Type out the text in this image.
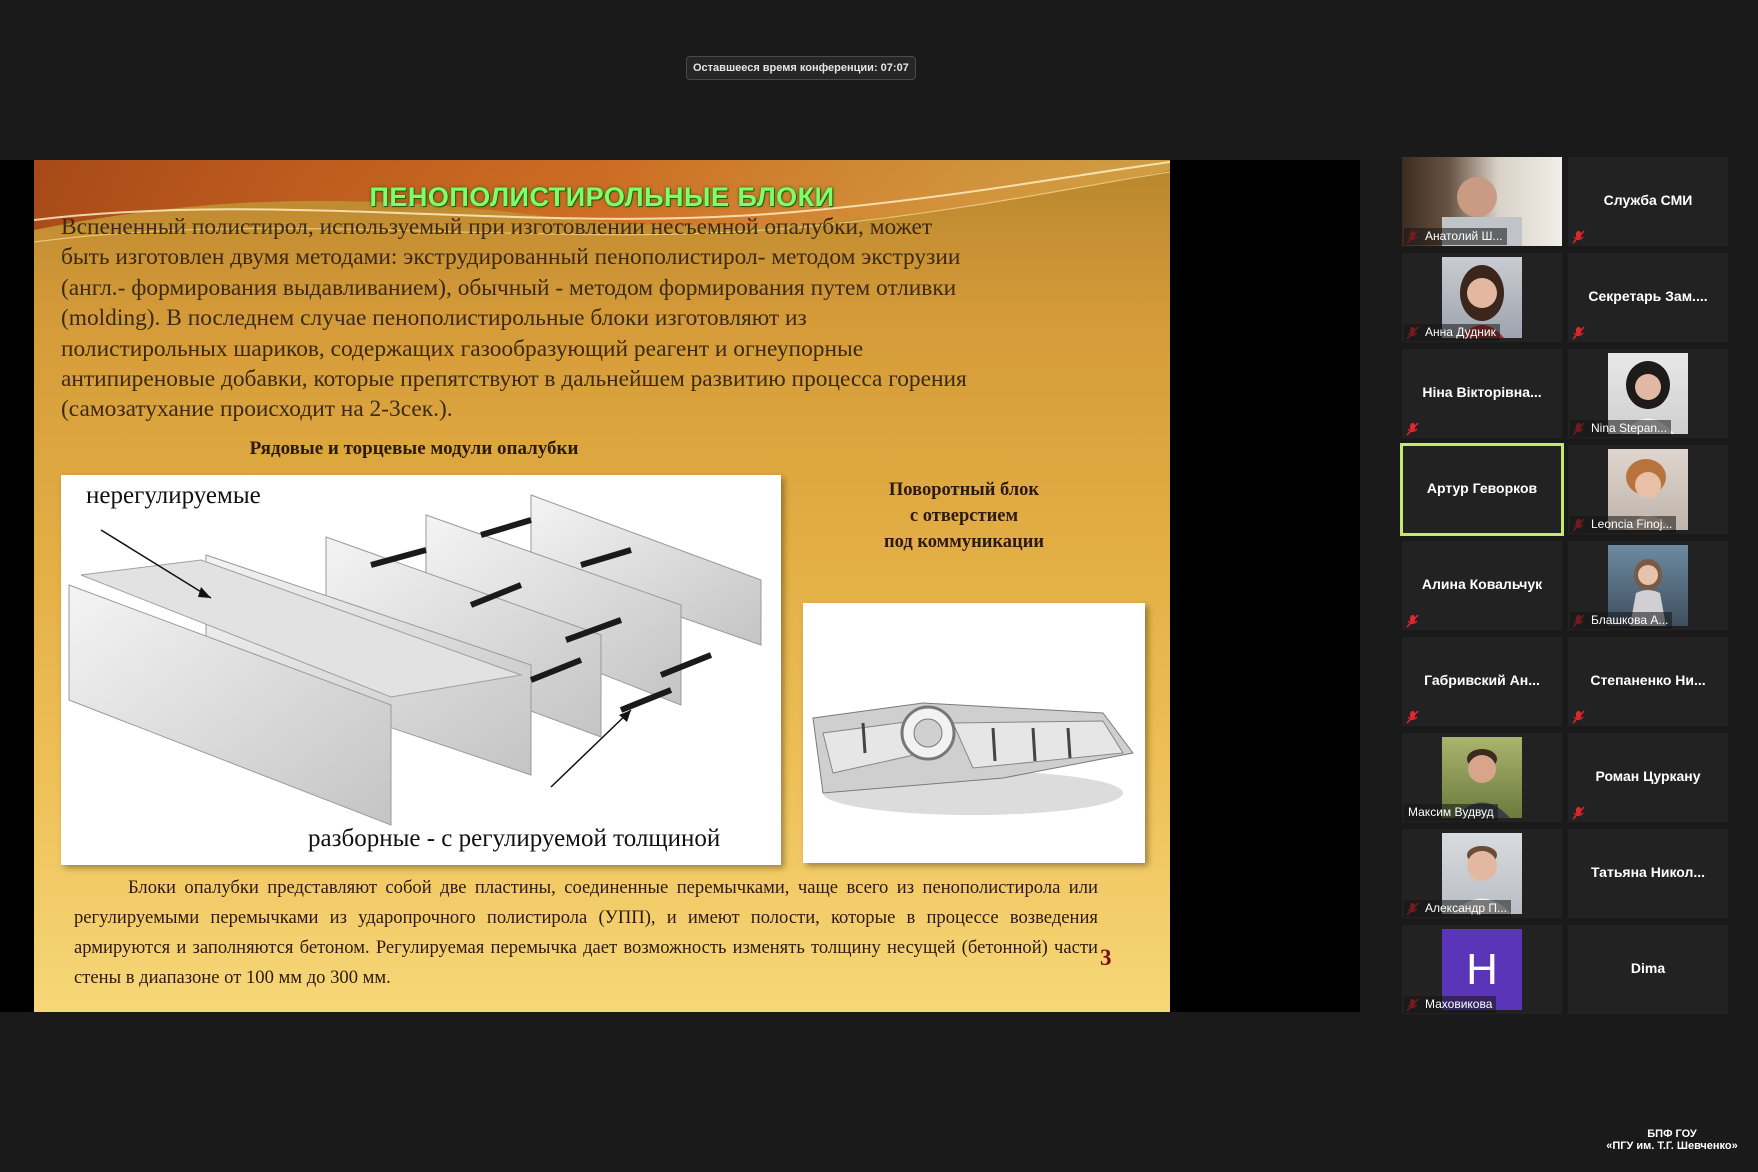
Оставшееся время конференции: 07:07
ПЕНОПОЛИСТИРОЛЬНЫЕ БЛОКИ
Вспененный полистирол, используемый при изготовлении несъемной опалубки, может
быть изготовлен двумя методами: экструдированный пенополистирол- методом экструзии
(англ.- формирования выдавливанием), обычный - методом формирования путем отливки
(molding). В последнем случае пенополистирольные блоки изготовляют из
полистирольных шариков, содержащих газообразующий реагент и огнеупорные
антипиреновые добавки, которые препятствуют в дальнейшем развитию процесса горения
(самозатухание происходит на 2-3сек.).
Рядовые и торцевые модули опалубки
Поворотный блок
с отверстием
под коммуникации
нерегулируемые
разборные - с регулируемой толщиной
Блоки опалубки представляют собой две пластины, соединенные перемычками, чаще всего из пенополистирола или регулируемыми перемычками из ударопрочного полистирола (УПП), и имеют полости, которые в процессе возведения армируются и заполняются бетоном. Регулируемая перемычка дает возможность изменять толщину несущей (бетонной) части стены в диапазоне от 100 мм до 300 мм.
3
Анатолий Ш...
Служба СМИ
Анна Дудник
Секретарь Зам....
Ніна Вікторівна...
Nina Stepan...
Артур Геворков
Leoncia Finoj...
Алина Ковальчук
Блашкова А...
Габривский Ан...	Степаненко Ни...
Максим Вудвуд
Роман Цуркану
Александр П...
Татьяна Никол...
Н
Маховикова
Dima
БПФ ГОУ
«ПГУ им. Т.Г. Шевченко»
